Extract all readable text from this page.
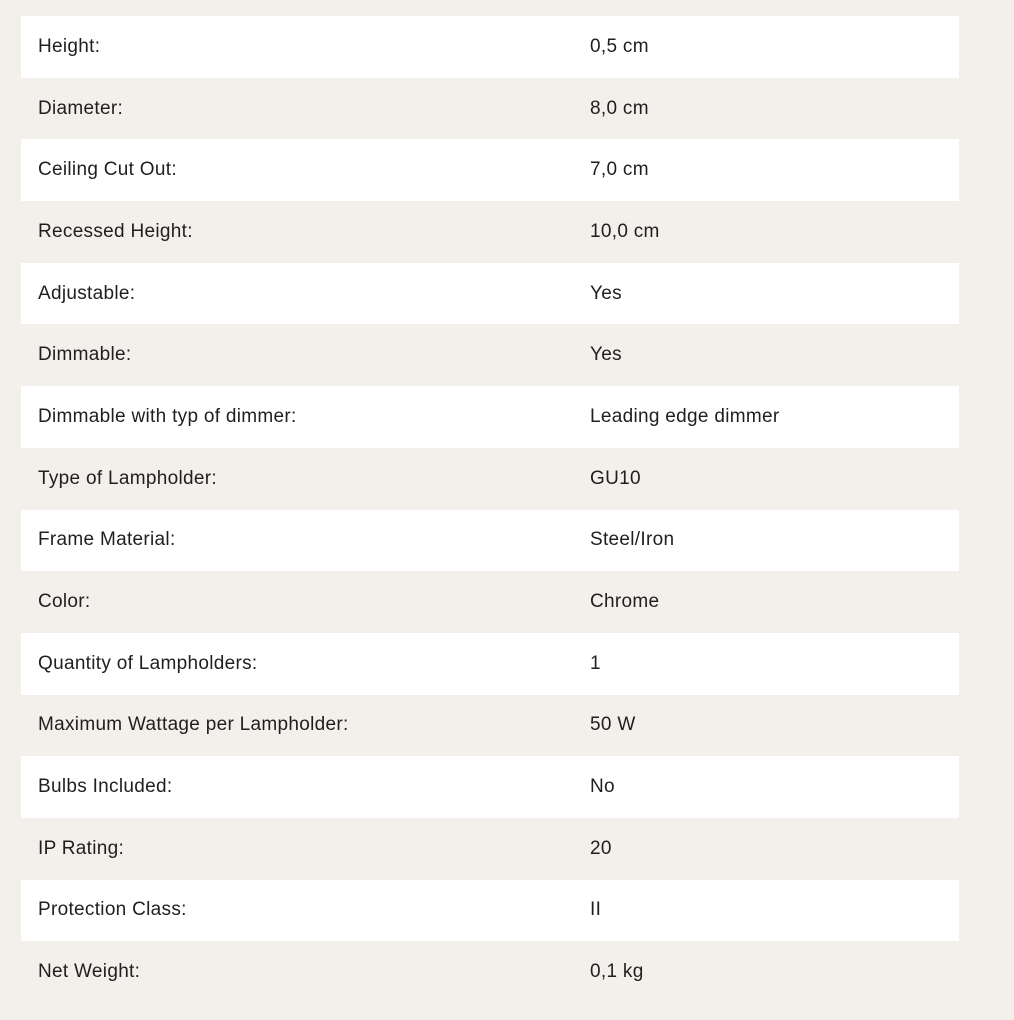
Height:	0,5 cm
Diameter:	8,0 cm
Ceiling Cut Out:	7,0 cm
Recessed Height:	10,0 cm
Adjustable:	Yes
Dimmable:	Yes
Dimmable with typ of dimmer:	Leading edge dimmer
Type of Lampholder:	GU10
Frame Material:	Steel/Iron
Color:	Chrome
Quantity of Lampholders:	1
Maximum Wattage per Lampholder:	50 W
Bulbs Included:	No
IP Rating:	20
Protection Class:	II
Net Weight:	0,1 kg
